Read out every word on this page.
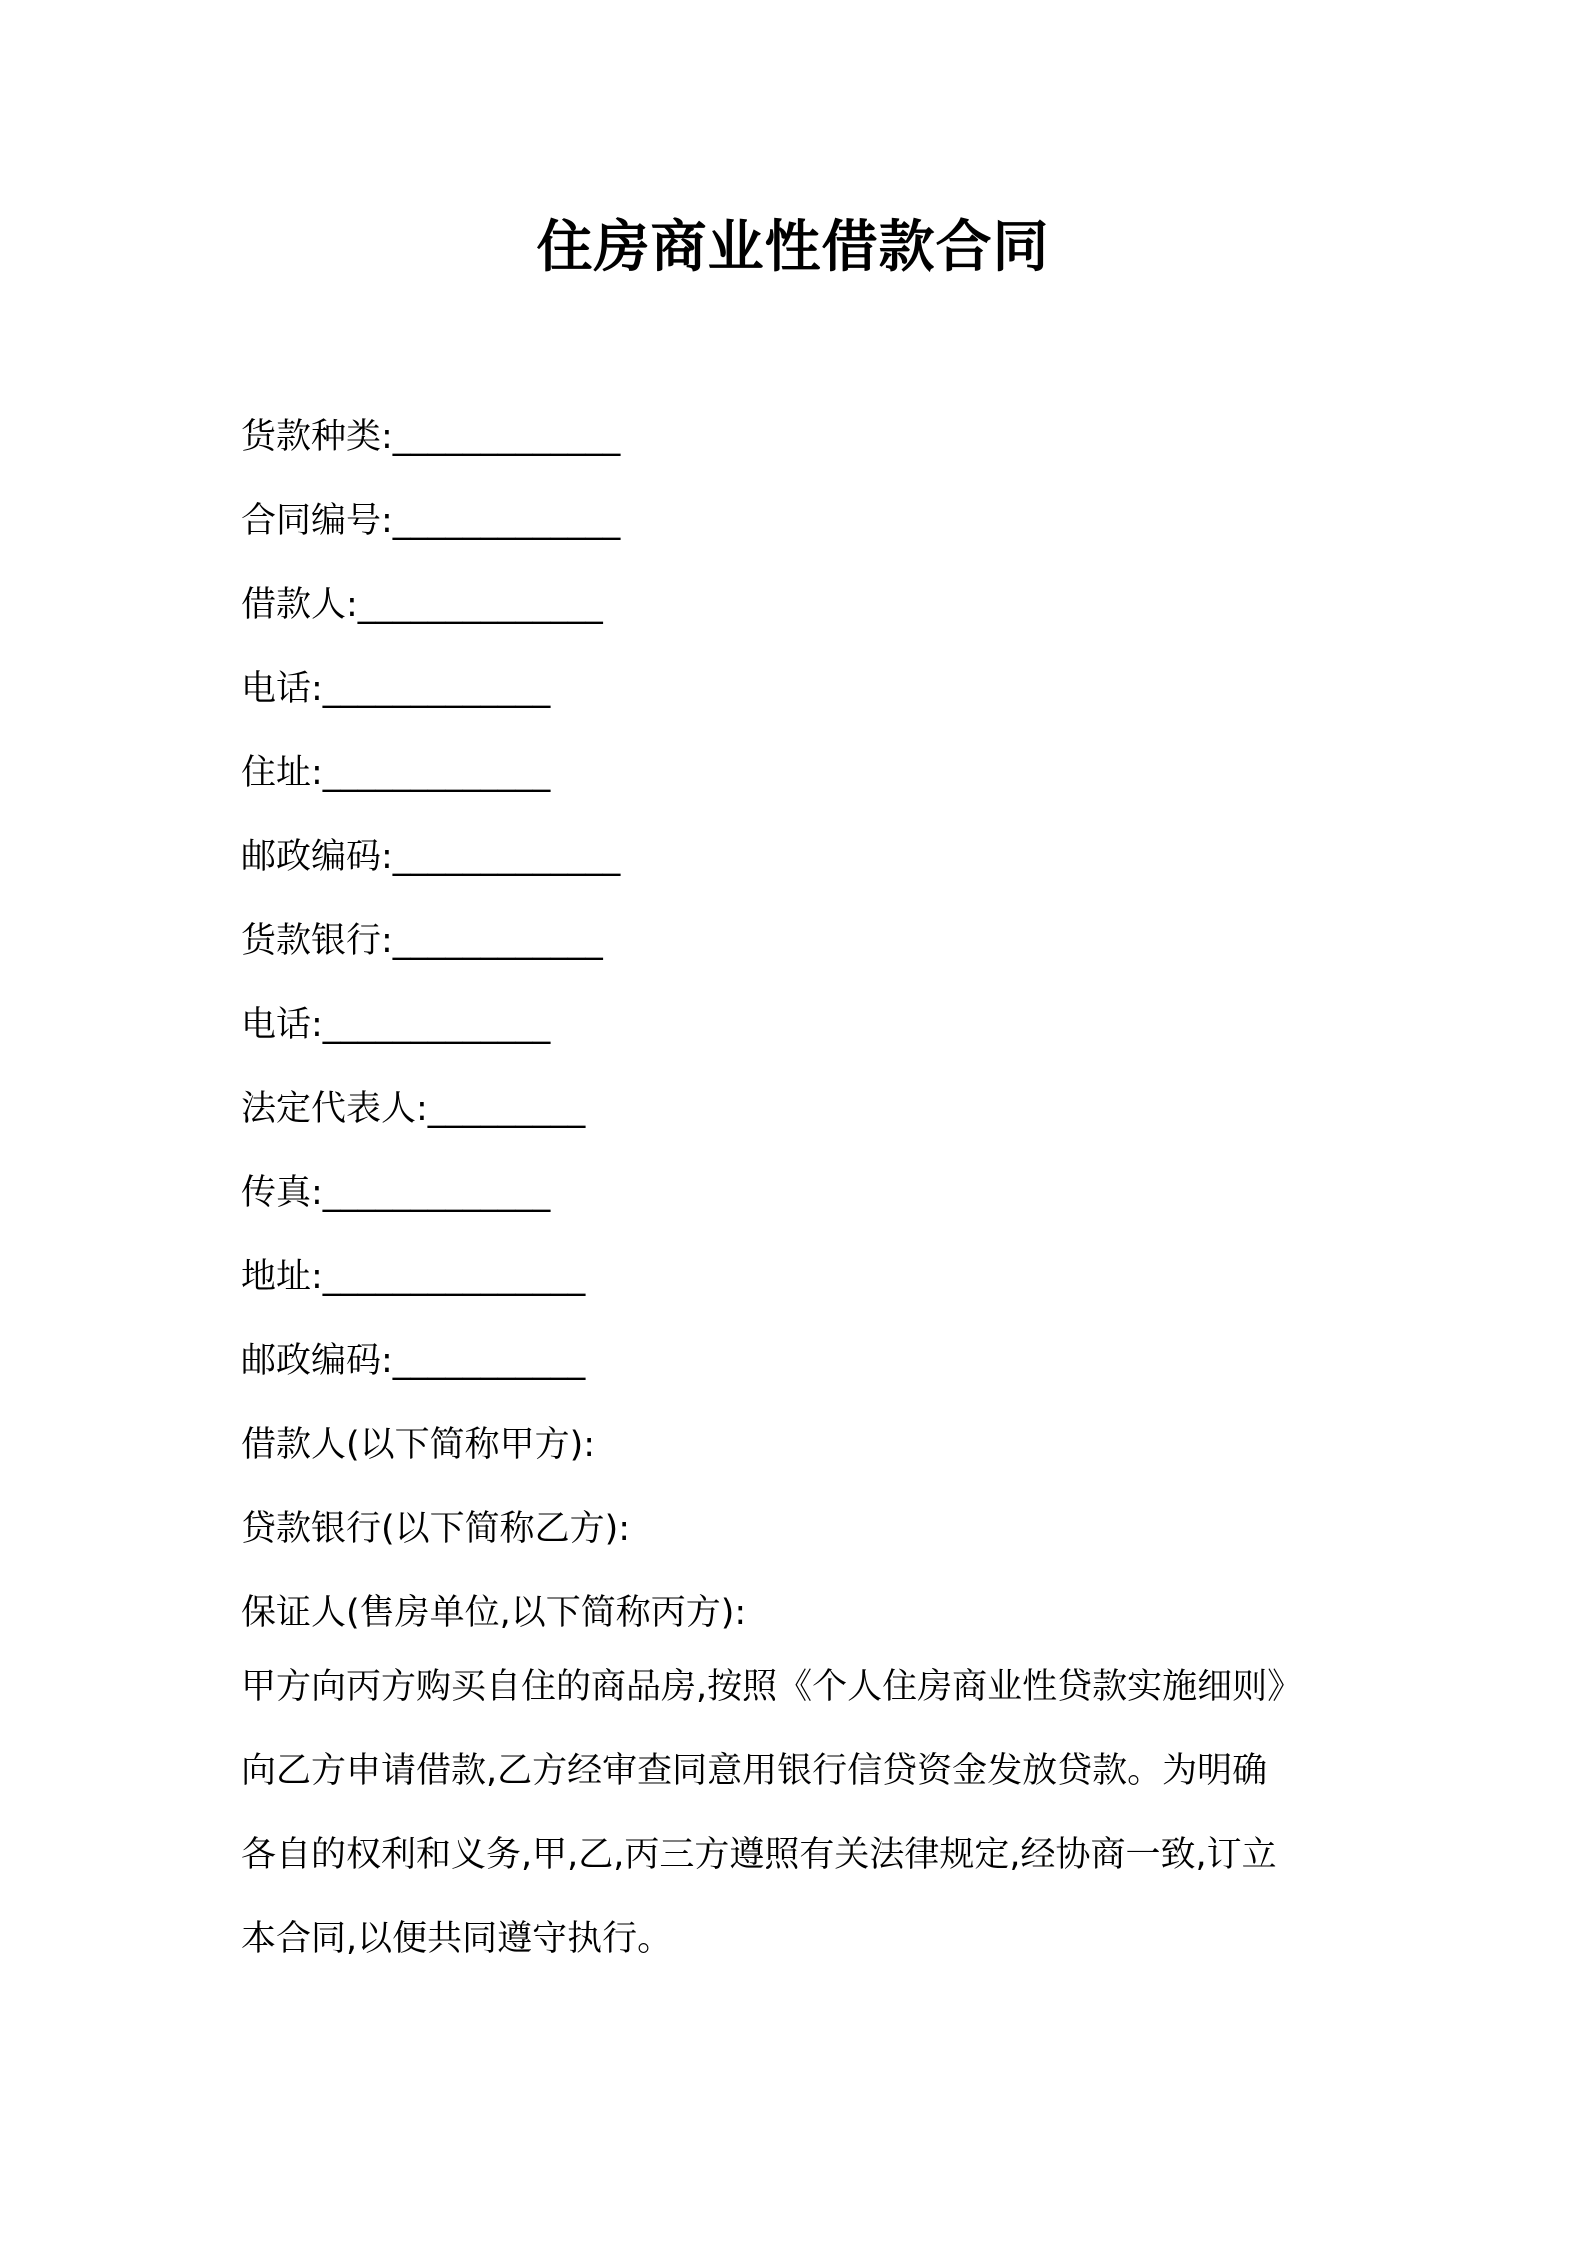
住房商业性借款合同
货款种类:_____________
合同编号:_____________
借款人:______________
电话:_____________
住址:_____________
邮政编码:_____________
货款银行:____________
电话:_____________
法定代表人:_________
传真:_____________
地址:_______________
邮政编码:___________
借款人(以下简称甲方):
贷款银行(以下简称乙方):
保证人(售房单位,以下简称丙方):
甲方向丙方购买自住的商品房,按照《个人住房商业性贷款实施细则》
向乙方申请借款,乙方经审查同意用银行信贷资金发放贷款。为明确
各自的权利和义务,甲,乙,丙三方遵照有关法律规定,经协商一致,订立
本合同,以便共同遵守执行。
